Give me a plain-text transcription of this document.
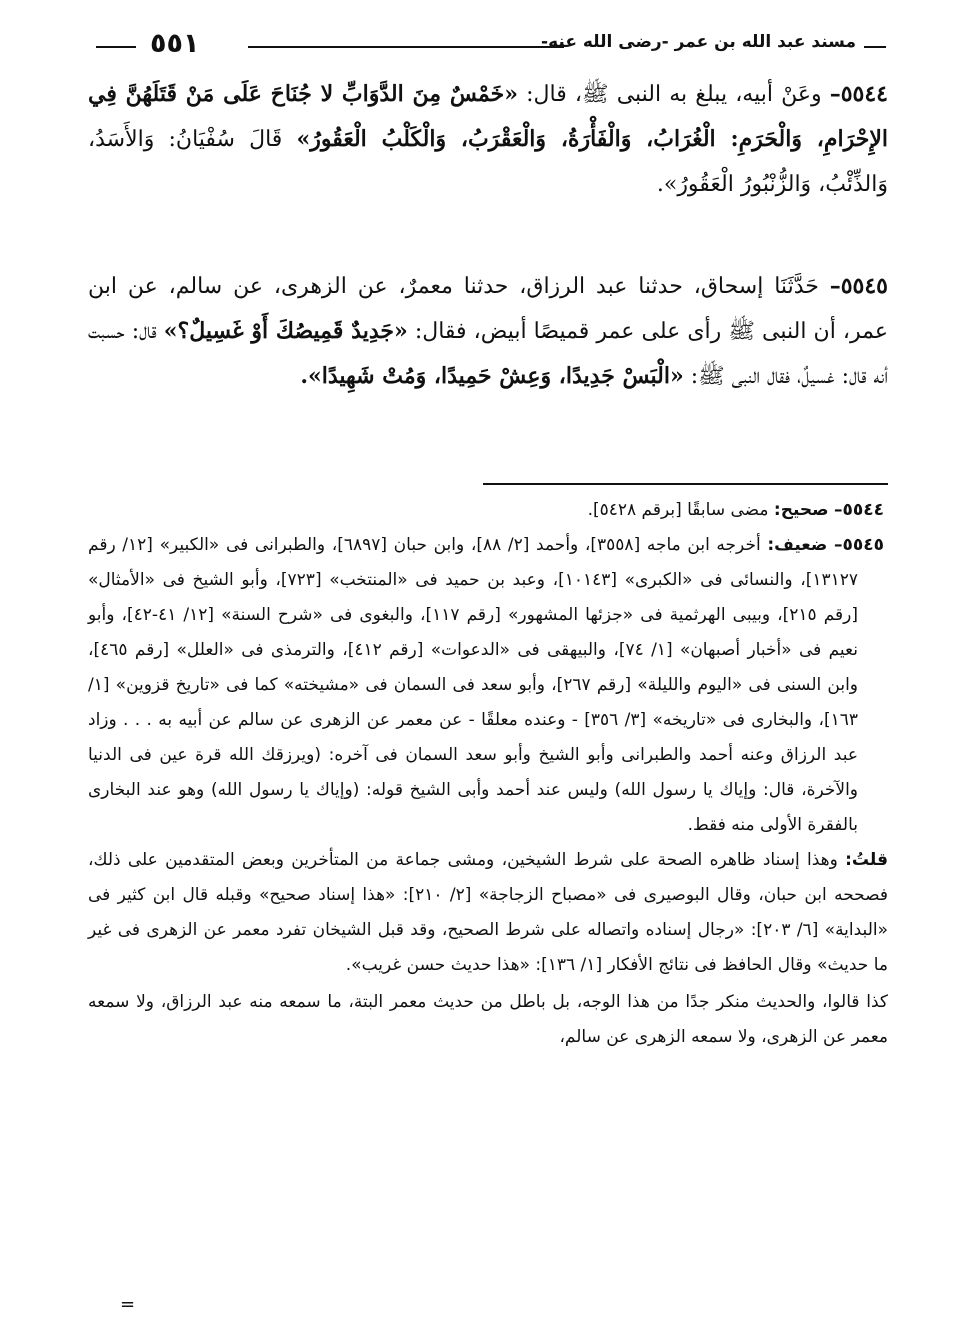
مسند عبد الله بن عمر -رضى الله عنه-
٥٥١
٥٥٤٤– وعَنْ أبيه، يبلغ به النبى ﷺ، قال: «خَمْسٌ مِنَ الدَّوَابِّ لا جُنَاحَ عَلَى مَنْ قَتَلَهُنَّ فِي الإِحْرَامِ، وَالْحَرَمِ: الْغُرَابُ، وَالْفَأْرَةُ، وَالْعَقْرَبُ، وَالْكَلْبُ الْعَقُورُ» قَالَ سُفْيَانُ: وَالأَسَدُ، وَالذِّئْبُ، وَالزُّنْبُورُ الْعَقُورُ».
٥٥٤٥– حَدَّثَنَا إسحاق، حدثنا عبد الرزاق، حدثنا معمرٌ، عن الزهرى، عن سالم، عن ابن عمر، أن النبى ﷺ رأى على عمر قميصًا أبيض، فقال: «جَدِيدٌ قَمِيصُكَ أَوْ غَسِيلٌ؟» قال: حسبت أنه قال: غسيلٌ، فقال النبى ﷺ: «الْبَسْ جَدِيدًا، وَعِشْ حَمِيدًا، وَمُتْ شَهِيدًا».

٥٥٤٤– صحيح: مضى سابقًا [برقم ٥٤٢٨].

٥٥٤٥– ضعيف: أخرجه ابن ماجه [٣٥٥٨]، وأحمد [٢/ ٨٨]، وابن حبان [٦٨٩٧]، والطبرانى فى «الكبير» [١٢/ رقم ١٣١٢٧]، والنسائى فى «الكبرى» [١٠١٤٣]، وعبد بن حميد فى «المنتخب» [٧٢٣]، وأبو الشيخ فى «الأمثال» [رقم ٢١٥]، وبيبى الهرثمية فى «جزئها المشهور» [رقم ١١٧]، والبغوى فى «شرح السنة» [١٢/ ٤١-٤٢]، وأبو نعيم فى «أخبار أصبهان» [١/ ٧٤]، والبيهقى فى «الدعوات» [رقم ٤١٢]، والترمذى فى «العلل» [رقم ٤٦٥]، وابن السنى فى «اليوم والليلة» [رقم ٢٦٧]، وأبو سعد فى السمان فى «مشيخته» كما فى «تاريخ قزوين» [١/ ١٦٣]، والبخارى فى «تاريخه» [٣/ ٣٥٦] - وعنده معلقًا - عن معمر عن الزهرى عن سالم عن أبيه به . . . وزاد عبد الرزاق وعنه أحمد والطبرانى وأبو الشيخ وأبو سعد السمان فى آخره: (ويرزقك الله قرة عين فى الدنيا والآخرة، قال: وإياك يا رسول الله) وليس عند أحمد وأبى الشيخ قوله: (وإياك يا رسول الله) وهو عند البخارى بالفقرة الأولى منه فقط.

قلتُ: وهذا إسناد ظاهره الصحة على شرط الشيخين، ومشى جماعة من المتأخرين وبعض المتقدمين على ذلك، فصححه ابن حبان، وقال البوصيرى فى «مصباح الزجاجة» [٢/ ٢١٠]: «هذا إسناد صحيح» وقبله قال ابن كثير فى «البداية» [٦/ ٢٠٣]: «رجال إسناده واتصاله على شرط الصحيح، وقد قبل الشيخان تفرد معمر عن الزهرى فى غير ما حديث» وقال الحافظ فى نتائج الأفكار [١/ ١٣٦]: «هذا حديث حسن غريب».

كذا قالوا، والحديث منكر جدًا من هذا الوجه، بل باطل من حديث معمر البتة، ما سمعه منه عبد الرزاق، ولا سمعه معمر عن الزهرى، ولا سمعه الزهرى عن سالم،

=
